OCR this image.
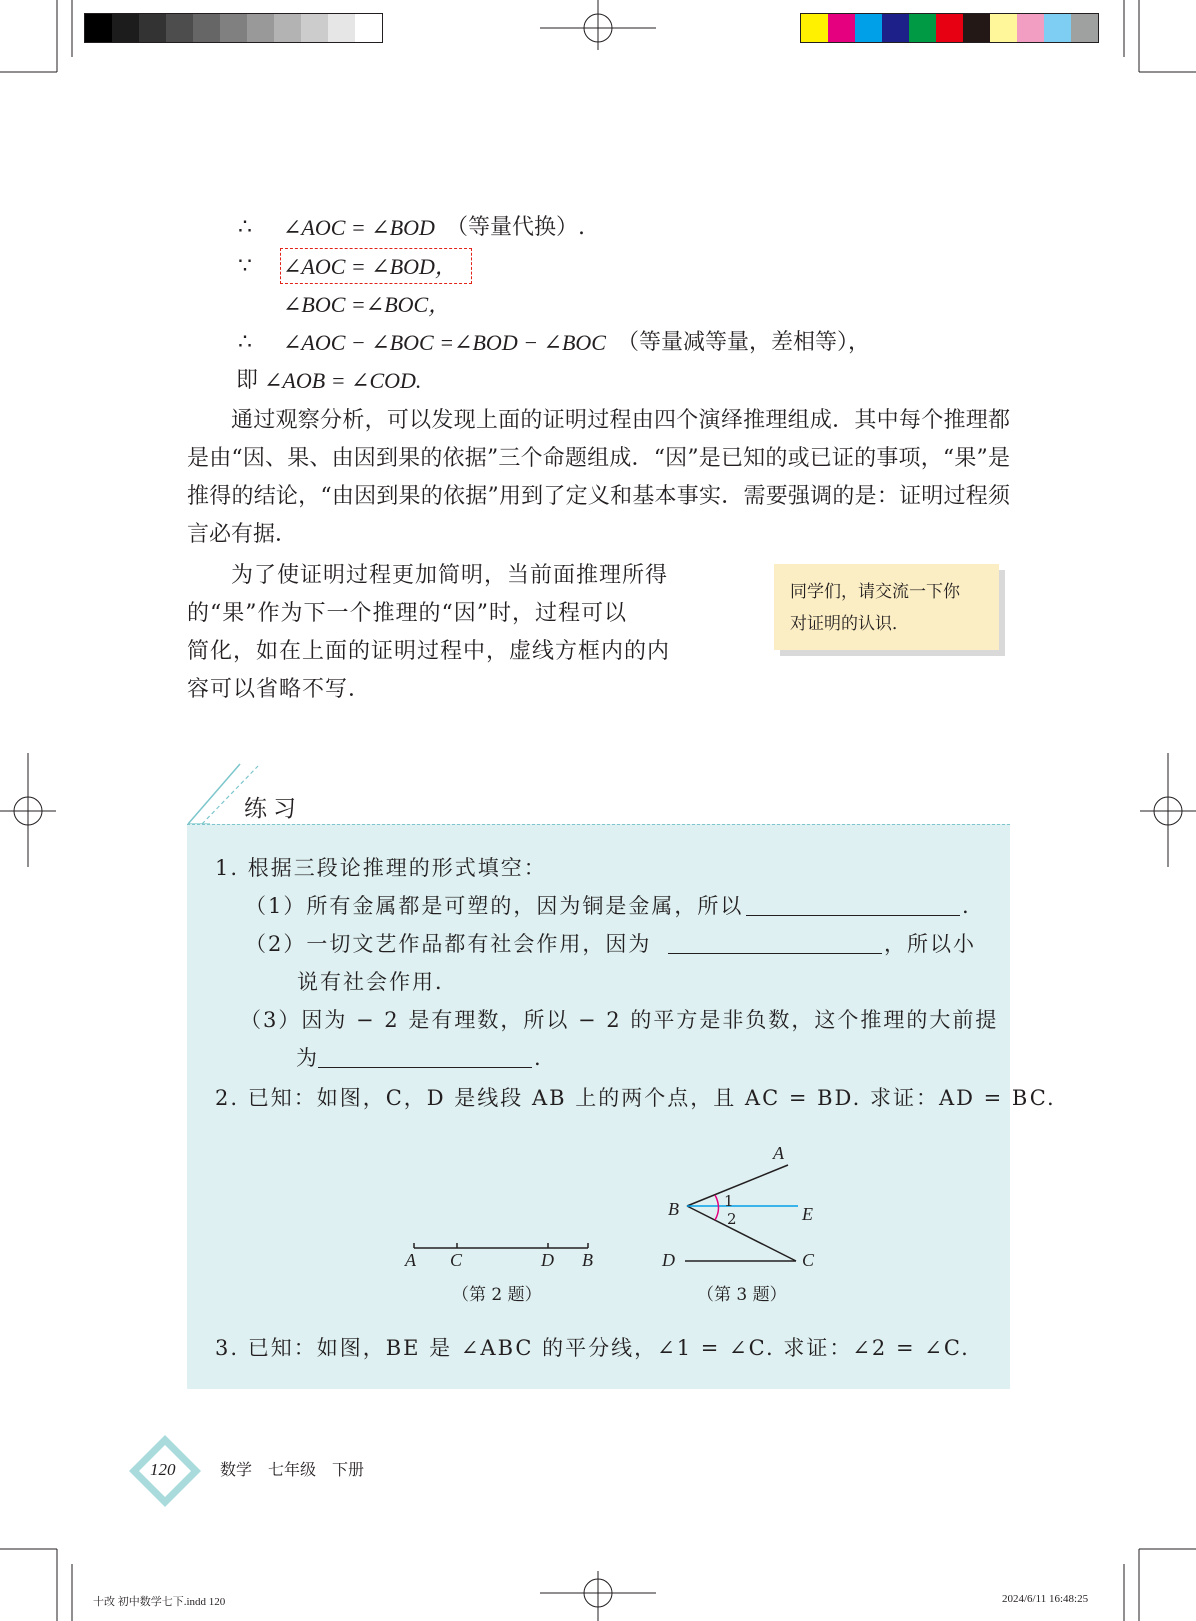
∴ ∠AOC = ∠BOD （等量代换）.
∵ ∠AOC = ∠BOD，
∠BOC =∠BOC，
∴ ∠AOC − ∠BOC =∠BOD − ∠BOC （等量减等量，差相等），
即 ∠AOB = ∠COD.
通过观察分析，可以发现上面的证明过程由四个演绎推理组成．其中每个推理都是由“因、果、由因到果的依据”三个命题组成．“因”是已知的或已证的事项，“果”是推得的结论，“由因到果的依据”用到了定义和基本事实．需要强调的是：证明过程须言必有据．
为了使证明过程更加简明，当前面推理所得
的“果”作为下一个推理的“因”时，过程可以
简化，如在上面的证明过程中，虚线方框内的内
容可以省略不写．
同学们，请交流一下你
对证明的认识．
练习
1. 根据三段论推理的形式填空：
（1）所有金属都是可塑的，因为铜是金属，所以	.
（2）一切文艺作品都有社会作用，因为	，所以小
说有社会作用．
（3）因为 − 2 是有理数，所以 − 2 的平方是非负数，这个推理的大前提
为	.
2. 已知：如图，C，D 是线段 AB 上的两个点，且 AC = BD. 求证：AD = BC.
A C	D B
（第 2 题）
A
B	1
2	E
D	C
（第 3 题）
3. 已知：如图，BE 是 ∠ABC 的平分线，∠1 = ∠C. 求证：∠2 = ∠C.
120	数学　七年级　下册
十改 初中数学七下.indd 120	2024/6/11 16:48:25
